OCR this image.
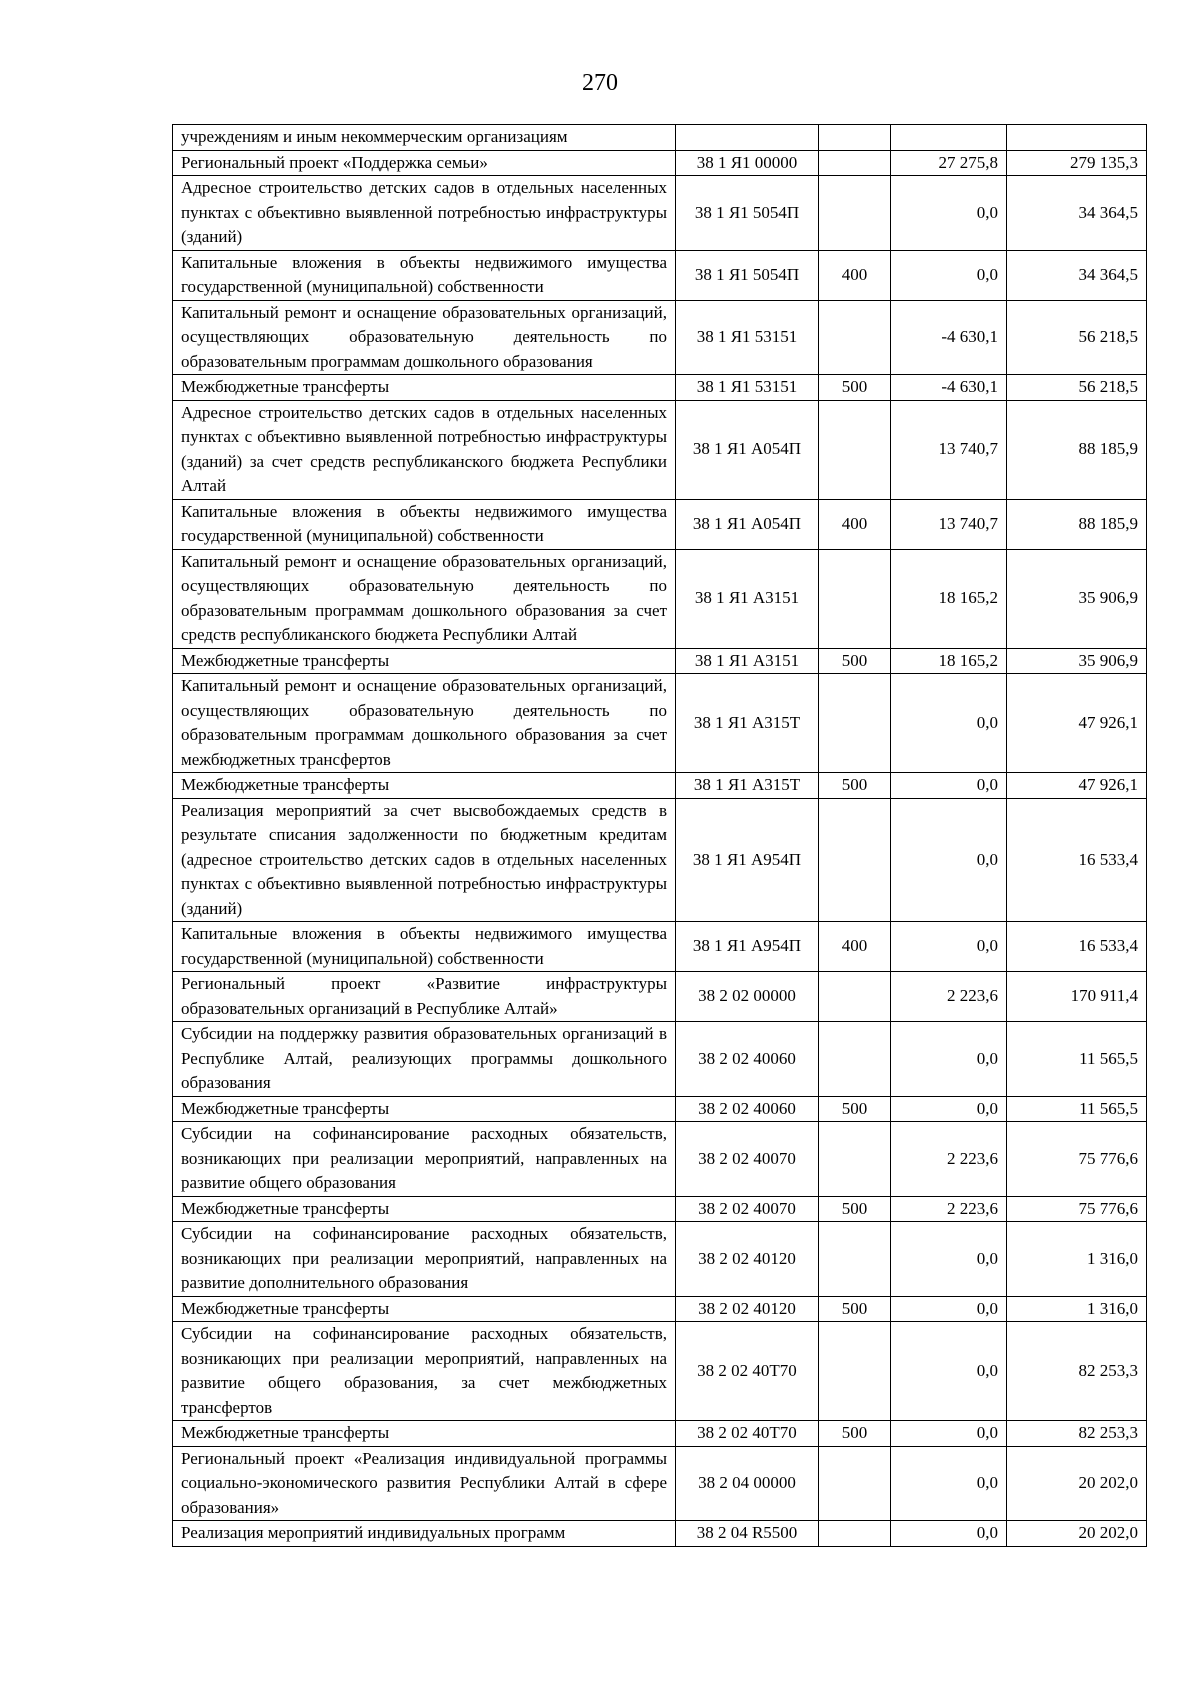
270
учреждениям и иным некоммерческим организациям				
Региональный проект «Поддержка семьи»	38 1 Я1 00000		27 275,8	279 135,3
Адресное строительство детских садов в отдельных населенных пунктах с объективно выявленной потребностью инфраструктуры (зданий)	38 1 Я1 5054П		0,0	34 364,5
Капитальные вложения в объекты недвижимого имущества государственной (муниципальной) собственности	38 1 Я1 5054П	400	0,0	34 364,5
Капитальный ремонт и оснащение образовательных организаций, осуществляющих образовательную деятельность по образовательным программам дошкольного образования	38 1 Я1 53151		-4 630,1	56 218,5
Межбюджетные трансферты	38 1 Я1 53151	500	-4 630,1	56 218,5
Адресное строительство детских садов в отдельных населенных пунктах с объективно выявленной потребностью инфраструктуры (зданий) за счет средств республиканского бюджета Республики Алтай	38 1 Я1 А054П		13 740,7	88 185,9
Капитальные вложения в объекты недвижимого имущества государственной (муниципальной) собственности	38 1 Я1 А054П	400	13 740,7	88 185,9
Капитальный ремонт и оснащение образовательных организаций, осуществляющих образовательную деятельность по образовательным программам дошкольного образования за счет средств республиканского бюджета Республики Алтай	38 1 Я1 А3151		18 165,2	35 906,9
Межбюджетные трансферты	38 1 Я1 А3151	500	18 165,2	35 906,9
Капитальный ремонт и оснащение образовательных организаций, осуществляющих образовательную деятельность по образовательным программам дошкольного образования за счет межбюджетных трансфертов	38 1 Я1 А315Т		0,0	47 926,1
Межбюджетные трансферты	38 1 Я1 А315Т	500	0,0	47 926,1
Реализация мероприятий за счет высвобождаемых средств в результате списания задолженности по бюджетным кредитам (адресное строительство детских садов в отдельных населенных пунктах с объективно выявленной потребностью инфраструктуры (зданий)	38 1 Я1 А954П		0,0	16 533,4
Капитальные вложения в объекты недвижимого имущества государственной (муниципальной) собственности	38 1 Я1 А954П	400	0,0	16 533,4
Региональный проект «Развитие инфраструктуры образовательных организаций в Республике Алтай»	38 2 02 00000		2 223,6	170 911,4
Субсидии на поддержку развития образовательных организаций в Республике Алтай, реализующих программы дошкольного образования	38 2 02 40060		0,0	11 565,5
Межбюджетные трансферты	38 2 02 40060	500	0,0	11 565,5
Субсидии на софинансирование расходных обязательств, возникающих при реализации мероприятий, направленных на развитие общего образования	38 2 02 40070		2 223,6	75 776,6
Межбюджетные трансферты	38 2 02 40070	500	2 223,6	75 776,6
Субсидии на софинансирование расходных обязательств, возникающих при реализации мероприятий, направленных на развитие дополнительного образования	38 2 02 40120		0,0	1 316,0
Межбюджетные трансферты	38 2 02 40120	500	0,0	1 316,0
Субсидии на софинансирование расходных обязательств, возникающих при реализации мероприятий, направленных на развитие общего образования, за счет межбюджетных трансфертов	38 2 02 40Т70		0,0	82 253,3
Межбюджетные трансферты	38 2 02 40Т70	500	0,0	82 253,3
Региональный проект «Реализация индивидуальной программы социально-экономического развития Республики Алтай в сфере образования»	38 2 04 00000		0,0	20 202,0
Реализация мероприятий индивидуальных программ	38 2 04 R5500		0,0	20 202,0
